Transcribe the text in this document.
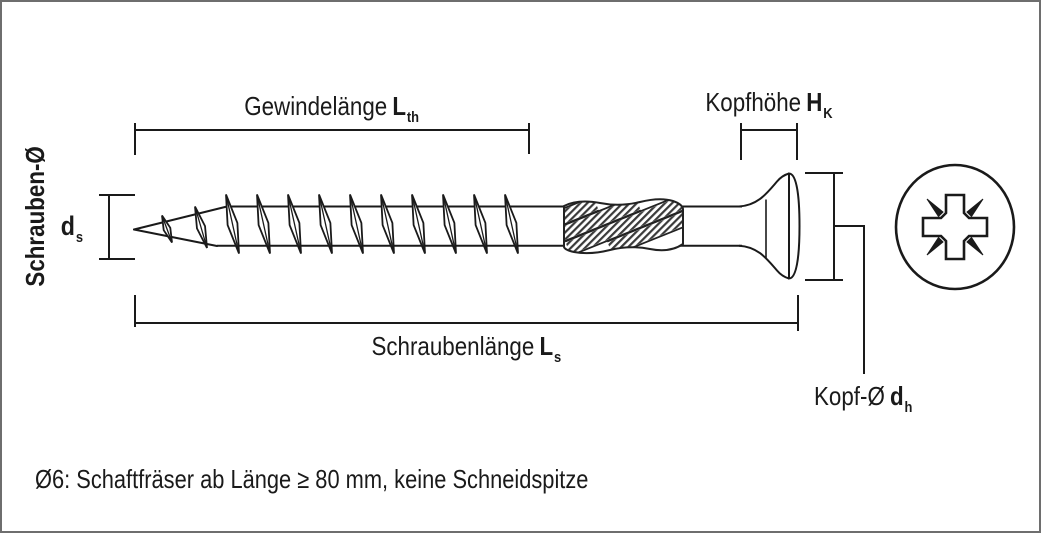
Gewindelänge $L_{th}$
Kopfhöhe $H_K$
Schrauben-Ø $d_s$
Schraubenlänge $L_s$
Kopf-Ø $d_h$
Ø6: Schaftfräser ab Länge ≥ 80 mm, keine Schneidspitze
